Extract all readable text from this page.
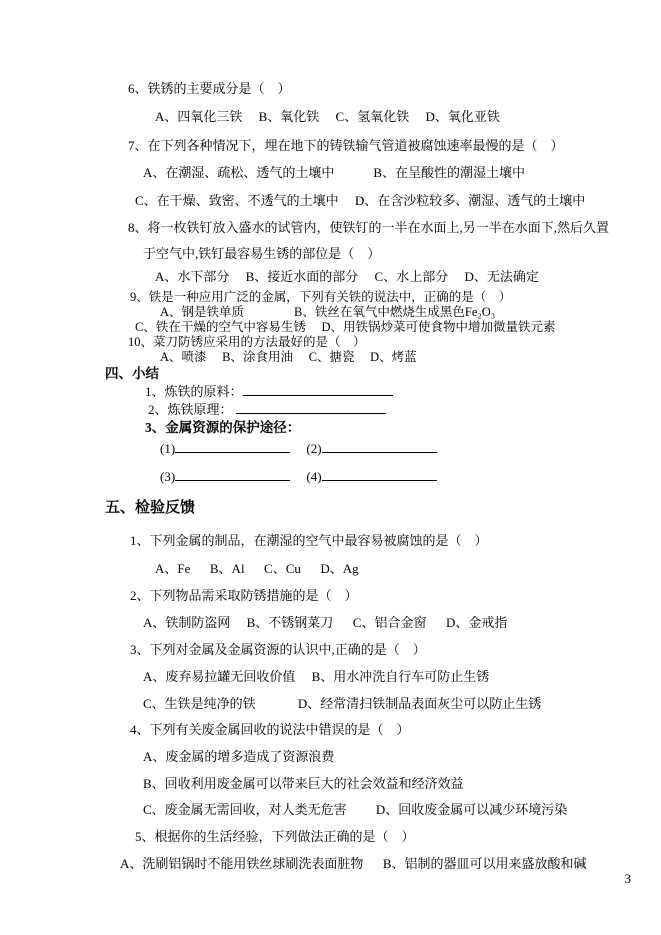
6、铁锈的主要成分是（    ）
A、四氧化三铁　 B、氧化铁　 C、氢氧化铁 　D、氧化亚铁
7、在下列各种情况下，埋在地下的铸铁输气管道被腐蚀速率最慢的是（    ）
A、在潮湿、疏松、透气的土壤中　　　B、在呈酸性的潮湿土壤中
C、在干燥、致密、不透气的土壤中　 D、在含沙粒较多、潮湿、透气的土壤中
8、将一枚铁钉放入盛水的试管内，使铁钉的一半在水面上,另一半在水面下,然后久置
于空气中,铁钉最容易生锈的部位是（    ）
A、水下部分　 B、接近水面的部分 　C、水上部分 　D、无法确定
9、铁是一种应用广泛的金属，下列有关铁的说法中，正确的是（    ）
A、钢是铁单质　　　　B、铁丝在氧气中燃烧生成黑色Fe₂O₃
C、铁在干燥的空气中容易生锈 　D、用铁锅炒菜可使食物中增加微量铁元素
10、菜刀防锈应采用的方法最好的是（    ）
A、喷漆 　B、涂食用油 　C、搪瓷 　D、烤蓝
四、小结
1、炼铁的原料：
2、炼铁原理：
3、金属资源的保护途径：
(1)	　 (2)
(3)	　 (4)
五、检验反馈
1、下列金属的制品，在潮湿的空气中最容易被腐蚀的是（    ）
A、Fe 　 B、Al 　 C、Cu 　 D、Ag
2、下列物品需采取防锈措施的是（    ）
A、铁制防盗网 　B、不锈钢菜刀 　 C、铝合金窗 　 D、金戒指
3、下列对金属及金属资源的认识中,正确的是（    ）
A、废弃易拉罐无回收价值　 B、用水冲洗自行车可防止生锈
C、生铁是纯净的铁　　　 D、经常清扫铁制品表面灰尘可以防止生锈
4、下列有关废金属回收的说法中错误的是（    ）
A、废金属的增多造成了资源浪费
B、回收利用废金属可以带来巨大的社会效益和经济效益
C、废金属无需回收，对人类无危害 　　D、回收废金属可以减少环境污染
5、根据你的生活经验，下列做法正确的是（    ）
A、洗刷铝锅时不能用铁丝球刷洗表面脏物 　 B、铝制的器皿可以用来盛放酸和碱
3
